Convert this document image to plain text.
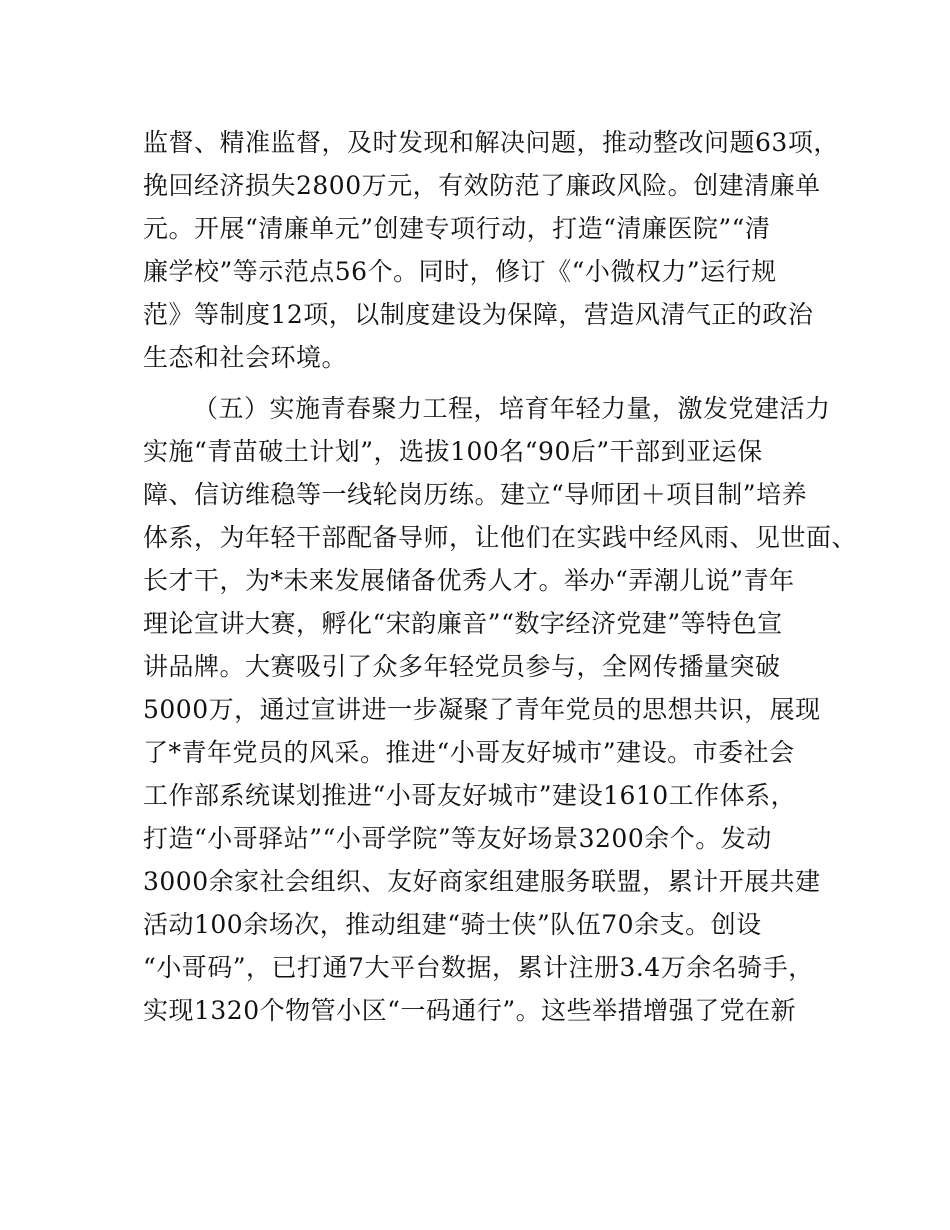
监督、精准监督，及时发现和解决问题，推动整改问题63项，
挽回经济损失2800万元，有效防范了廉政风险。创建清廉单
元。开展“清廉单元”创建专项行动，打造“清廉医院”“清
廉学校”等示范点56个。同时，修订《“小微权力”运行规
范》等制度12项，以制度建设为保障，营造风清气正的政治
生态和社会环境。
（五）实施青春聚力工程，培育年轻力量，激发党建活力
实施“青苗破土计划”，选拔100名“90后”干部到亚运保
障、信访维稳等一线轮岗历练。建立“导师团＋项目制”培养
体系，为年轻干部配备导师，让他们在实践中经风雨、见世面、
长才干，为*未来发展储备优秀人才。举办“弄潮儿说”青年
理论宣讲大赛，孵化“宋韵廉音”“数字经济党建”等特色宣
讲品牌。大赛吸引了众多年轻党员参与，全网传播量突破
5000万，通过宣讲进一步凝聚了青年党员的思想共识，展现
了*青年党员的风采。推进“小哥友好城市”建设。市委社会
工作部系统谋划推进“小哥友好城市”建设1610工作体系，
打造“小哥驿站”“小哥学院”等友好场景3200余个。发动
3000余家社会组织、友好商家组建服务联盟，累计开展共建
活动100余场次，推动组建“骑士侠”队伍70余支。创设
“小哥码”，已打通7大平台数据，累计注册3.4万余名骑手，
实现1320个物管小区“一码通行”。这些举措增强了党在新
